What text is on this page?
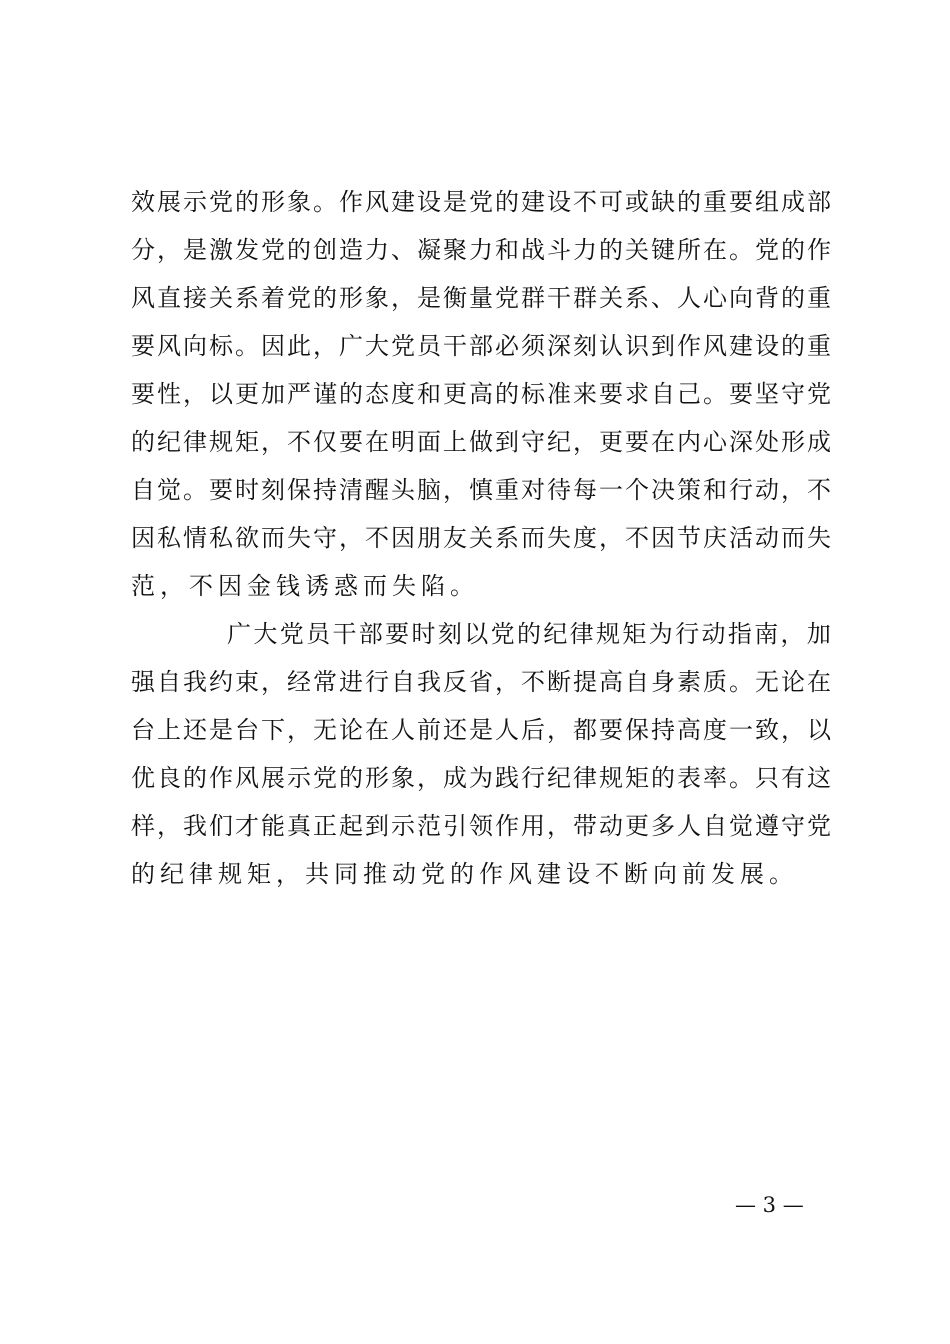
效 展 示 党 的 形 象 。 作 风 建 设 是 党 的 建 设 不 可 或 缺 的 重 要 组 成 部
分 ， 是 激 发 党 的 创 造 力 、 凝 聚 力 和 战 斗 力 的 关 键 所 在 。 党 的 作
风 直 接 关 系 着 党 的 形 象 ， 是 衡 量 党 群 干 群 关 系 、 人 心 向 背 的 重
要 风 向 标 。 因 此 ， 广 大 党 员 干 部 必 须 深 刻 认 识 到 作 风 建 设 的 重
要 性 ， 以 更 加 严 谨 的 态 度 和 更 高 的 标 准 来 要 求 自 己 。 要 坚 守 党
的 纪 律 规 矩 ， 不 仅 要 在 明 面 上 做 到 守 纪 ， 更 要 在 内 心 深 处 形 成
自 觉 。 要 时 刻 保 持 清 醒 头 脑 ， 慎 重 对 待 每 一 个 决 策 和 行 动 ， 不
因 私 情 私 欲 而 失 守 ， 不 因 朋 友 关 系 而 失 度 ， 不 因 节 庆 活 动 而 失
范，不因金钱诱惑而失陷。
广 大 党 员 干 部 要 时 刻 以 党 的 纪 律 规 矩 为 行 动 指 南 ， 加
强 自 我 约 束 ， 经 常 进 行 自 我 反 省 ， 不 断 提 高 自 身 素 质 。 无 论 在
台 上 还 是 台 下 ， 无 论 在 人 前 还 是 人 后 ， 都 要 保 持 高 度 一 致 ， 以
优 良 的 作 风 展 示 党 的 形 象 ， 成 为 践 行 纪 律 规 矩 的 表 率 。 只 有 这
样 ， 我 们 才 能 真 正 起 到 示 范 引 领 作 用 ， 带 动 更 多 人 自 觉 遵 守 党
的纪律规矩，共同推动党的作风建设不断向前发展。
— 3 —
